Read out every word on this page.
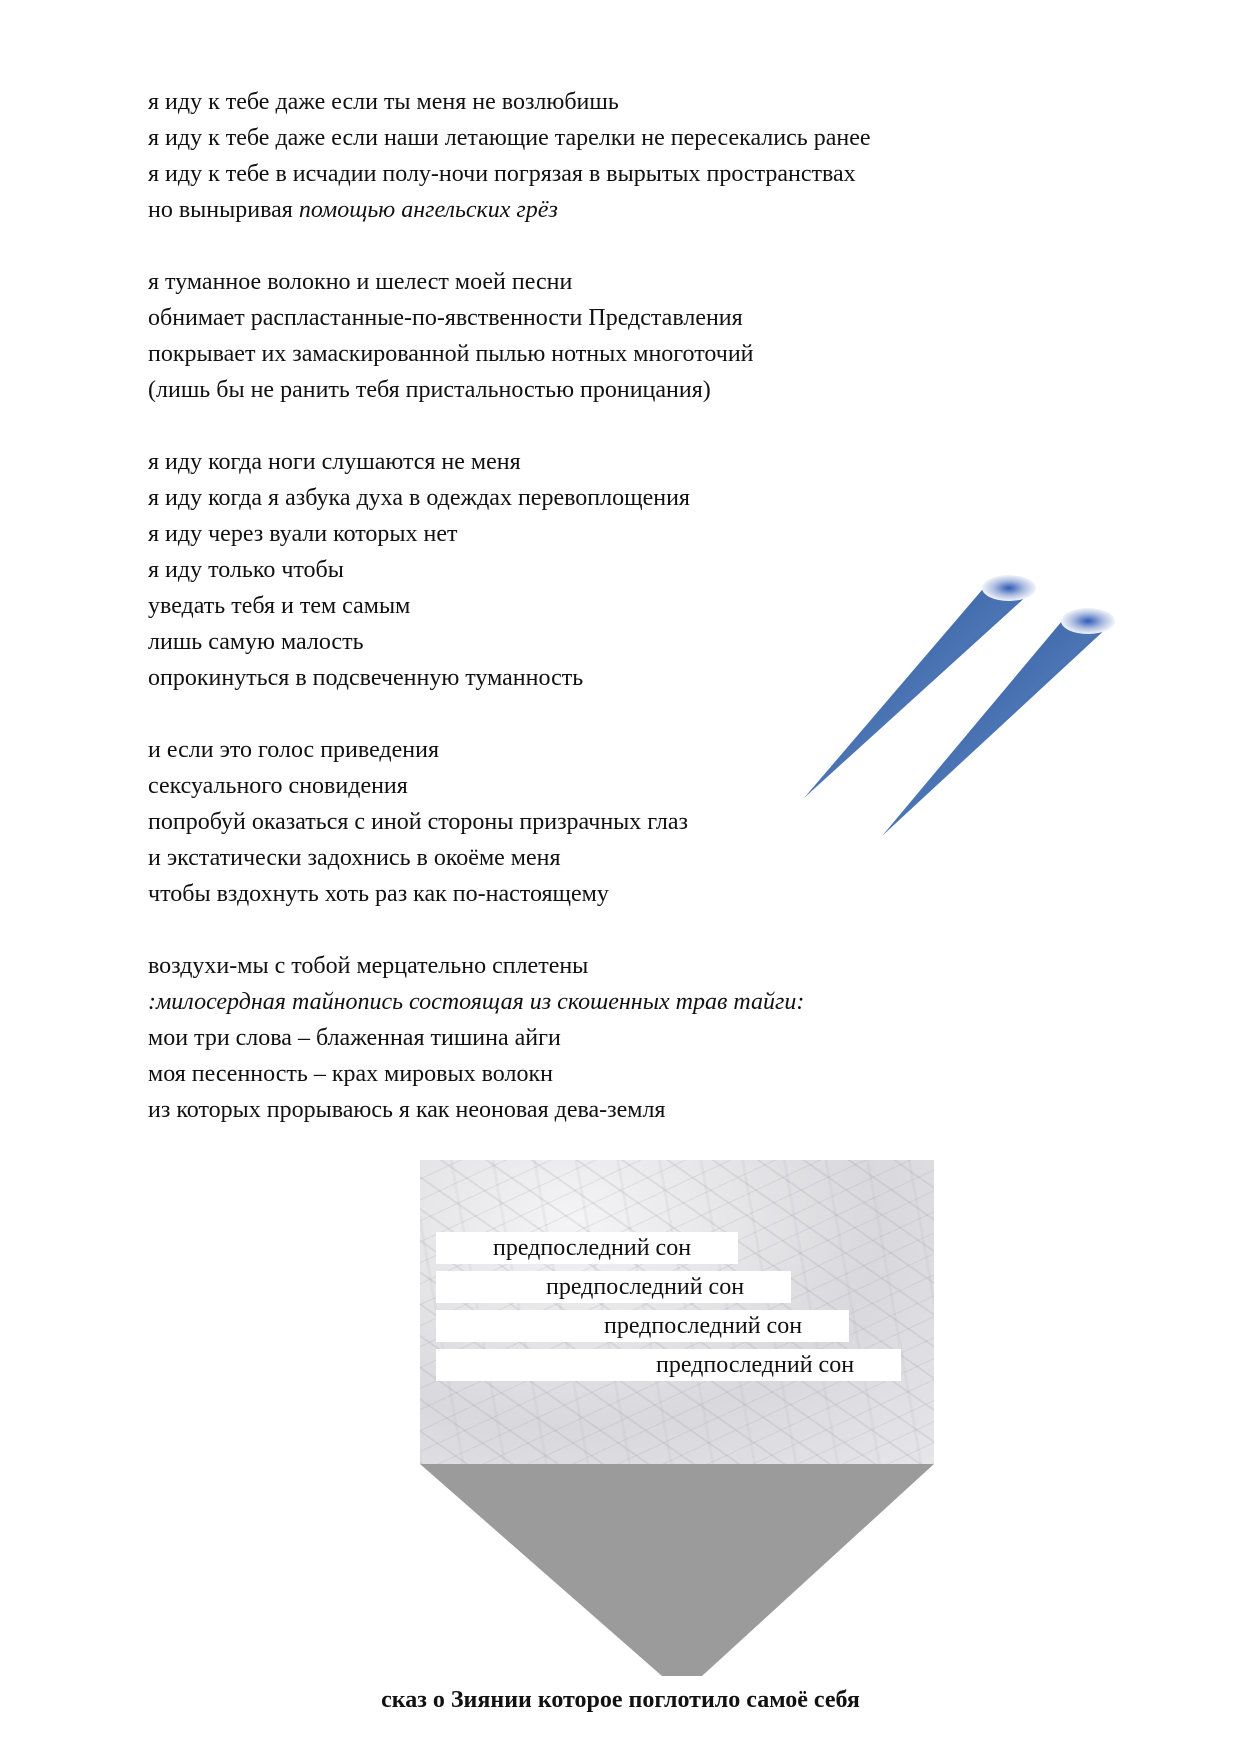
я иду к тебе даже если ты меня не возлюбишь
я иду к тебе даже если наши летающие тарелки не пересекались ранее
я иду к тебе в исчадии полу-ночи погрязая в вырытых пространствах
но выныривая помощью ангельских грёз
я туманное волокно и шелест моей песни
обнимает распластанные-по-явственности Представления
покрывает их замаскированной пылью нотных многоточий
(лишь бы не ранить тебя пристальностью проницания)
я иду когда ноги слушаются не меня
я иду когда я азбука духа в одеждах перевоплощения
я иду через вуали которых нет
я иду только чтобы
уведать тебя и тем самым
лишь самую малость
опрокинуться в подсвеченную туманность
и если это голос приведения
сексуального сновидения
попробуй оказаться с иной стороны призрачных глаз
и экстатически задохнись в окоёме меня
чтобы вздохнуть хоть раз как по-настоящему
воздухи-мы с тобой мерцательно сплетены
:милосердная тайнопись состоящая из скошенных трав тайги:
мои три слова – блаженная тишина айги
моя песенность – крах мировых волокн
из которых прорываюсь я как неоновая дева-земля
предпоследний сон
предпоследний сон
предпоследний сон
предпоследний сон
сказ о Зиянии которое поглотило самоё себя
